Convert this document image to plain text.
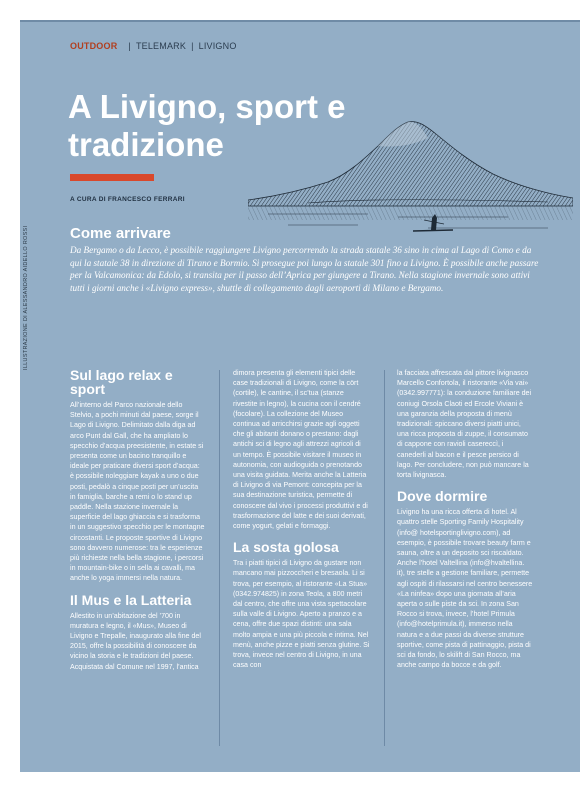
OUTDOOR | TELEMARK | LIVIGNO
A Livigno, sport e tradizione
A CURA DI FRANCESCO FERRARI
ILLUSTRAZIONE DI ALESSANDRO AIDELLO ROSSI	Come arrivare

Da Bergamo o da Lecco, è possibile raggiungere Livigno percorrendo la strada statale 36 sino in cima al Lago di Como e da qui la statale 38 in direzione di Tirano e Bormio. Si prosegue poi lungo la statale 301 fino a Livigno. È possibile anche passare per la Valcamonica: da Edolo, si transita per il passo dell’Aprica per giungere a Tirano. Nella stagione invernale sono attivi tutti i giorni anche i «Livigno express», shuttle di collegamento dagli aeroporti di Milano e Bergamo.

Sul lago relax e sport

All’interno del Parco nazionale dello Stelvio, a pochi minuti dal paese, sorge il Lago di Livigno. Delimitato dalla diga ad arco Punt dal Gall, che ha ampliato lo specchio d’acqua preesistente, in estate si presenta come un bacino tranquillo e ideale per praticare diversi sport d’acqua: è possibile noleggiare kayak a uno o due posti, pedalò a cinque posti per un’uscita in famiglia, barche a remi o lo stand up paddle. Nella stazione invernale la superficie del lago ghiaccia e si trasforma in un suggestivo specchio per le montagne circostanti. Le proposte sportive di Livigno sono davvero numerose: tra le esperienze più richieste nella bella stagione, i percorsi in mountain-bike o in sella ai cavalli, ma anche lo yoga immersi nella natura.

Il Mus e la Latteria

Allestito in un’abitazione del ’700 in muratura e legno, il «Mus», Museo di Livigno e Trepalle, inaugurato alla fine del 2015, offre la possibilità di conoscere da vicino la storia e le tradizioni del paese. Acquistata dal Comune nel 1997, l’antica

dimora presenta gli elementi tipici delle case tradizionali di Livigno, come la cört (cortile), le cantine, il sc’tua (stanze rivestite in legno), la cucina con il cendré (focolare). La collezione del Museo continua ad arricchirsi grazie agli oggetti che gli abitanti donano o prestano: dagli antichi sci di legno agli attrezzi agricoli di un tempo. È possibile visitare il museo in autonomia, con audioguida o prenotando una visita guidata. Merita anche la Latteria di Livigno di via Pemont: concepita per la sua destinazione turistica, permette di conoscere dal vivo i processi produttivi e di trasformazione del latte e dei suoi derivati, come yogurt, gelati e formaggi.

La sosta golosa

Tra i piatti tipici di Livigno da gustare non mancano mai pizzoccheri e bresaola. Li si trova, per esempio, al ristorante «La Stua» (0342.974825) in zona Teola, a 800 metri dal centro, che offre una vista spettacolare sulla valle di Livigno. Aperto a pranzo e a cena, offre due spazi distinti: una sala molto ampia e una più piccola e intima. Nel menù, anche pizze e piatti senza glutine. Si trova, invece nel centro di Livigno, in una casa con

la facciata affrescata dal pittore livignasco Marcello Confortola, il ristorante «Via vai» (0342.997771): la conduzione familiare dei coniugi Orsola Claoti ed Ercole Viviani è una garanzia della proposta di menù tradizionali: spiccano diversi piatti unici, una ricca proposta di zuppe, il consumato di cappone con ravioli casereccì, i canederli al bacon e il pesce persico di lago. Per concludere, non può mancare la torta livignasca.

Dove dormire

Livigno ha una ricca offerta di hotel. Al quattro stelle Sporting Family Hospitality (info@ hotelsportinglivigno.com), ad esempio, è possibile trovare beauty farm e sauna, oltre a un deposito sci riscaldato. Anche l’hotel Valtellina (info@hvaltellina. it), tre stelle a gestione familiare, permette agli ospiti di rilassarsi nel centro benessere «La ninfea» dopo una giornata all’aria aperta o sulle piste da sci. In zona San Rocco si trova, invece, l’hotel Primula (info@hotelprimula.it), immerso nella natura e a due passi da diverse strutture sportive, come pista di pattinaggio, pista di sci da fondo, lo skilift di San Rocco, ma anche campo da bocce e da golf.
